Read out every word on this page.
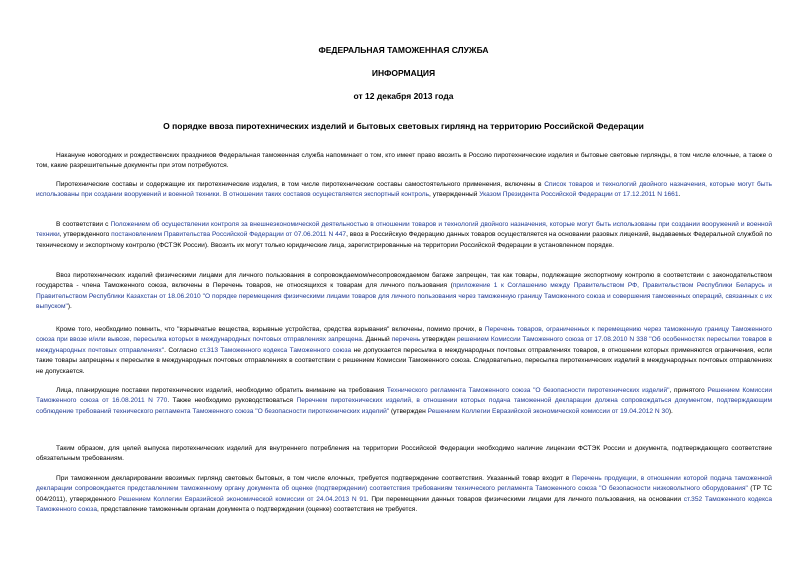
ФЕДЕРАЛЬНАЯ ТАМОЖЕННАЯ СЛУЖБА
ИНФОРМАЦИЯ
от 12 декабря 2013 года
О порядке ввоза пиротехнических изделий и бытовых световых гирлянд на территорию Российской Федерации

Накануне новогодних и рождественских праздников Федеральная таможенная служба напоминает о том, кто имеет право ввозить в Россию пиротехнические изделия и бытовые световые гирлянды, в том числе елочные, а также о том, какие разрешительные документы при этом потребуются.

Пиротехнические составы и содержащие их пиротехнические изделия, в том числе пиротехнические составы самостоятельного применения, включены в Список товаров и технологий двойного назначения, которые могут быть использованы при создании вооружений и военной техники. В отношении таких составов осуществляется экспортный контроль, утвержденный Указом Президента Российской Федерации от 17.12.2011 N 1661.

В соответствии с Положением об осуществлении контроля за внешнеэкономической деятельностью в отношении товаров и технологий двойного назначения, которые могут быть использованы при создании вооружений и военной техники, утвержденного постановлением Правительства Российской Федерации от 07.06.2011 N 447, ввоз в Российскую Федерацию данных товаров осуществляется на основании разовых лицензий, выдаваемых Федеральной службой по техническому и экспортному контролю (ФСТЭК России). Ввозить их могут только юридические лица, зарегистрированные на территории Российской Федерации в установленном порядке.

Ввоз пиротехнических изделий физическими лицами для личного пользования в сопровождаемом/несопровождаемом багаже запрещен, так как товары, подлежащие экспортному контролю в соответствии с законодательством государства - члена Таможенного союза, включены в Перечень товаров, не относящихся к товарам для личного пользования (приложение 1 к Соглашению между Правительством РФ, Правительством Республики Беларусь и Правительством Республики Казахстан от 18.06.2010 "О порядке перемещения физическими лицами товаров для личного пользования через таможенную границу Таможенного союза и совершения таможенных операций, связанных с их выпуском").

Кроме того, необходимо помнить, что "взрывчатые вещества, взрывные устройства, средства взрывания" включены, помимо прочих, в Перечень товаров, ограниченных к перемещению через таможенную границу Таможенного союза при ввозе и/или вывозе, пересылка которых в международных почтовых отправлениях запрещена. Данный перечень утвержден решением Комиссии Таможенного союза от 17.08.2010 N 338 "Об особенностях пересылки товаров в международных почтовых отправлениях". Согласно ст.313 Таможенного кодекса Таможенного союза не допускается пересылка в международных почтовых отправлениях товаров, в отношении которых применяются ограничения, если такие товары запрещены к пересылке в международных почтовых отправлениях в соответствии с решением Комиссии Таможенного союза. Следовательно, пересылка пиротехнических изделий в международных почтовых отправлениях не допускается.

Лица, планирующие поставки пиротехнических изделий, необходимо обратить внимание на требования Технического регламента Таможенного союза "О безопасности пиротехнических изделий", принятого Решением Комиссии Таможенного союза от 16.08.2011 N 770. Также необходимо руководствоваться Перечнем пиротехнических изделий, в отношении которых подача таможенной декларации должна сопровождаться документом, подтверждающим соблюдение требований технического регламента Таможенного союза "О безопасности пиротехнических изделий" (утвержден Решением Коллегии Евразийской экономической комиссии от 19.04.2012 N 30).

Таким образом, для целей выпуска пиротехнических изделий для внутреннего потребления на территории Российской Федерации необходимо наличие лицензии ФСТЭК России и документа, подтверждающего соответствие обязательным требованиям.

При таможенном декларировании ввозимых гирлянд световых бытовых, в том числе елочных, требуется подтверждение соответствия. Указанный товар входит в Перечень продукции, в отношении которой подача таможенной декларации сопровождается представлением таможенному органу документа об оценке (подтверждении) соответствия требованиям технического регламента Таможенного союза "О безопасности низковольтного оборудования" (ТР ТС 004/2011), утвержденного Решением Коллегии Евразийской экономической комиссии от 24.04.2013 N 91. При перемещении данных товаров физическими лицами для личного пользования, на основании ст.352 Таможенного кодекса Таможенного союза, представление таможенным органам документа о подтверждении (оценке) соответствия не требуется.
